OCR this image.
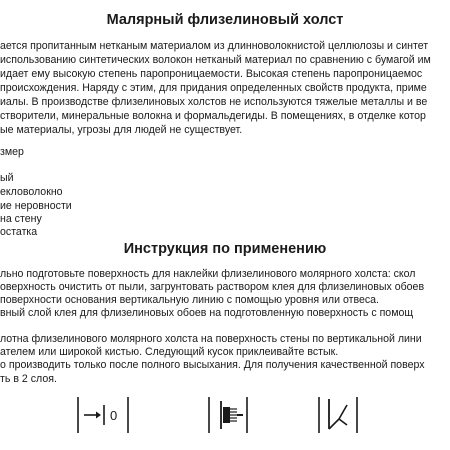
Малярный флизелиновый холст
ается пропитанным нетканым материалом из длинноволокнистой целлюлозы и синтет
использованию синтетических волокон нетканый материал по сравнению с бумагой им
идает ему высокую степень паропроницаемости. Высокая степень паропроницаемос
происхождения. Наряду с этим, для придания определенных свойств продукта, приме
иалы. В производстве флизелиновых холстов не используются тяжелые металлы и ве
створители, минеральные волокна и формальдегиды. В помещениях, в отделке котор
ые материалы, угрозы для людей не существует.
змер
ый
екловолокно
ие неровности
на стену
остатка
Инструкция по применению
льно подготовьте поверхность для наклейки флизелинового молярного холста: скол
оверхность очистить от пыли, загрунтовать раствором клея для флизелиновых обоев
поверхности основания вертикальную линию с помощью уровня или отвеса.
вный слой клея для флизелиновых обоев на подготовленную поверхность с помощ
лотна флизелинового молярного холста на поверхность стены по вертикальной лини
ателем или широкой кистью. Следующий кусок приклеивайте встык.
о производить только после полного высыхания. Для получения качественной поверх
ть в 2 слоя.
0
